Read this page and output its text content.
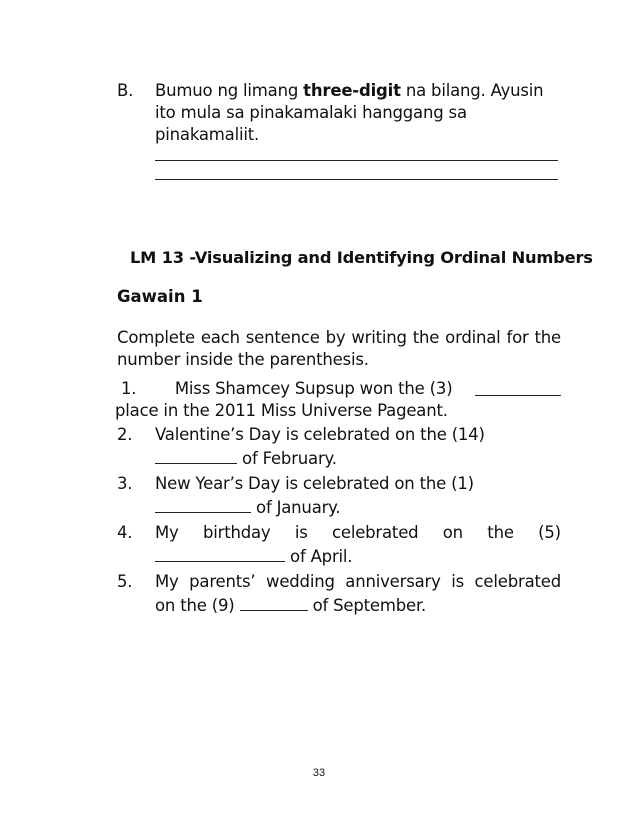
B. Bumuo ng limang three-digit na bilang. Ayusin ito mula sa pinakamalaki hanggang sa pinakamaliit.
LM 13 -Visualizing and Identifying Ordinal Numbers
Gawain 1
Complete each sentence by writing the ordinal for the number inside the parenthesis.
1. Miss Shamcey Supsup won the (3)
place in the 2011 Miss Universe Pageant.
2. Valentine’s Day is celebrated on the (14)
of February.
3. New Year’s Day is celebrated on the (1)
of January.
4. My birthday is celebrated on the (5)
of April.
5. My parents’ wedding anniversary is celebrated
on the (9)	of September.
33
